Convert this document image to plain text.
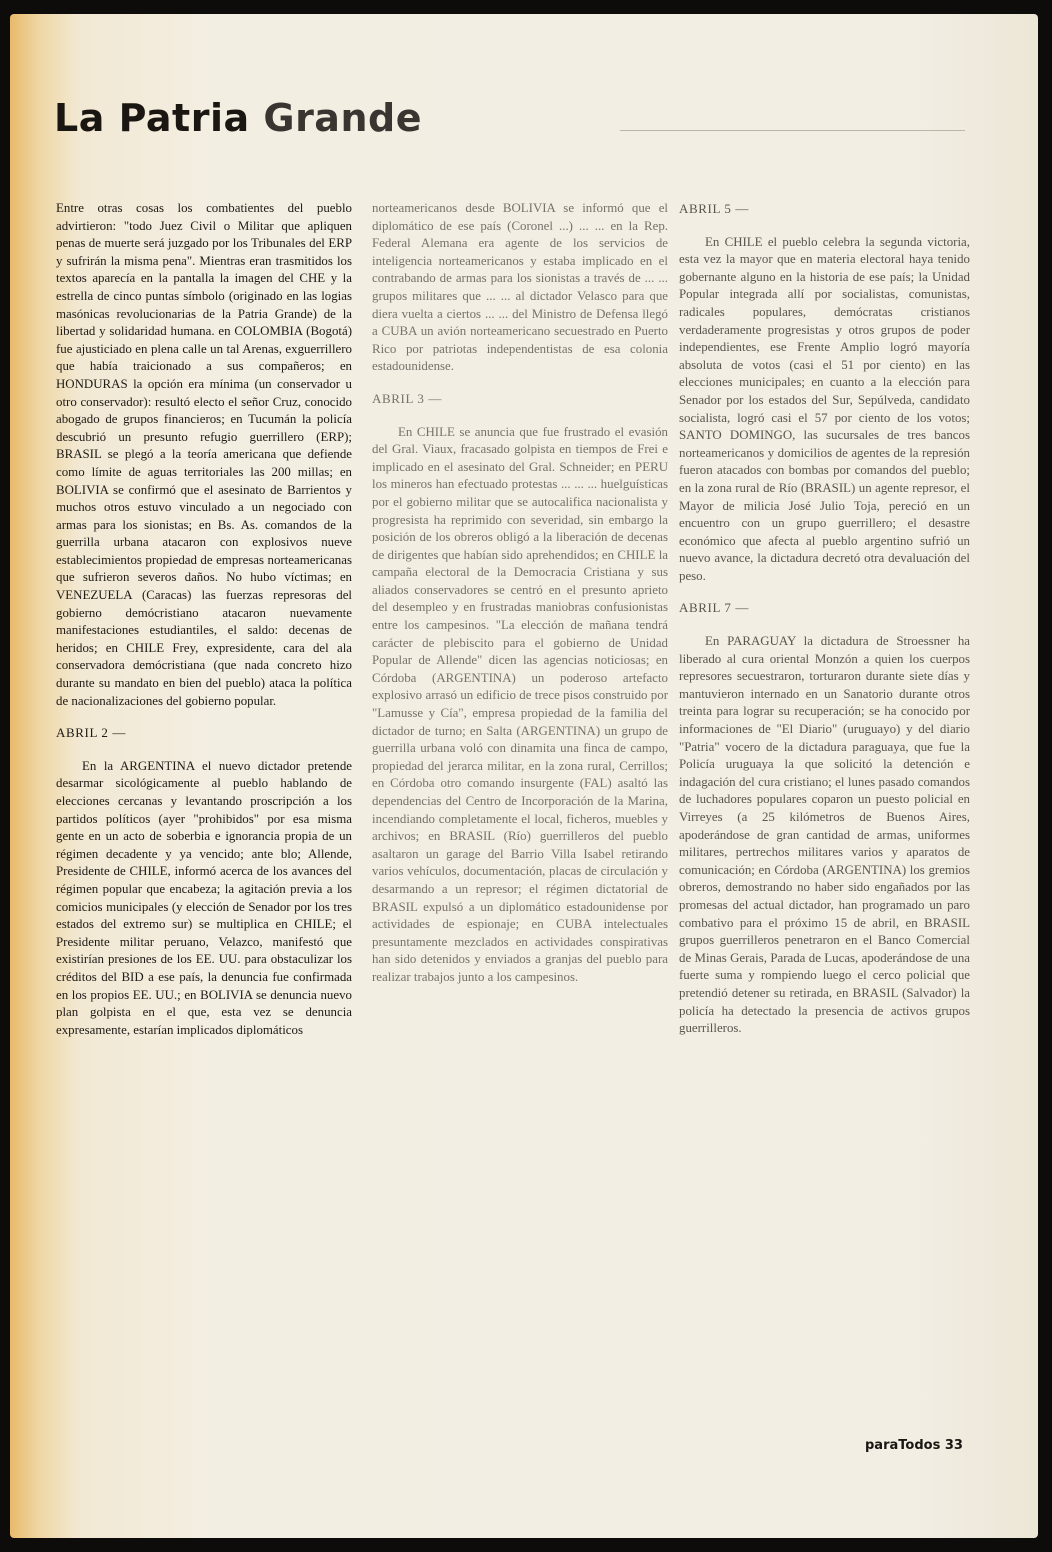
La Patria Grande

Entre otras cosas los combatientes del pueblo advirtieron: "todo Juez Civil o Militar que apliquen penas de muerte será juzgado por los Tribunales del ERP y sufrirán la misma pena". Mientras eran trasmitidos los textos aparecía en la pantalla la imagen del CHE y la estrella de cinco puntas símbolo (originado en las logias masónicas revolucionarias de la Patria Grande) de la libertad y solidaridad humana. en COLOMBIA (Bogotá) fue ajusticiado en plena calle un tal Arenas, exguerrillero que había traicionado a sus compañeros; en HONDURAS la opción era mínima (un conservador u otro conservador): resultó electo el señor Cruz, conocido abogado de grupos financieros; en Tucumán la policía descubrió un presunto refugio guerrillero (ERP); BRASIL se plegó a la teoría americana que defiende como límite de aguas territoriales las 200 millas; en BOLIVIA se confirmó que el asesinato de Barrientos y muchos otros estuvo vinculado a un negociado con armas para los sionistas; en Bs. As. comandos de la guerrilla urbana atacaron con explosivos nueve establecimientos propiedad de empresas norteamericanas que sufrieron severos daños. No hubo víctimas; en VENEZUELA (Caracas) las fuerzas represoras del gobierno demócristiano atacaron nuevamente manifestaciones estudiantiles, el saldo: decenas de heridos; en CHILE Frey, expresidente, cara del ala conservadora demócristiana (que nada concreto hizo durante su mandato en bien del pueblo) ataca la política de nacionalizaciones del gobierno popular.

ABRIL 2 —

En la ARGENTINA el nuevo dictador pretende desarmar sicológicamente al pueblo hablando de elecciones cercanas y levantando proscripción a los partidos políticos (ayer "prohibidos" por esa misma gente en un acto de soberbia e ignorancia propia de un régimen decadente y ya vencido; ante blo; Allende, Presidente de CHILE, informó acerca de los avances del régimen popular que encabeza; la agitación previa a los comicios municipales (y elección de Senador por los tres estados del extremo sur) se multiplica en CHILE; el Presidente militar peruano, Velazco, manifestó que existirían presiones de los EE. UU. para obstaculizar los créditos del BID a ese país, la denuncia fue confirmada en los propios EE. UU.; en BOLIVIA se denuncia nuevo plan golpista en el que, esta vez se denuncia expresamente, estarían implicados diplomáticos

norteamericanos desde BOLIVIA se informó que el diplomático de ese país (Coronel ...) ... ... en la Rep. Federal Alemana era agente de los servicios de inteligencia norteamericanos y estaba implicado en el contrabando de armas para los sionistas a través de ... ... grupos militares que ... ... al dictador Velasco para que diera vuelta a ciertos ... ... del Ministro de Defensa llegó a CUBA un avión norteamericano secuestrado en Puerto Rico por patriotas independentistas de esa colonia estadounidense.

ABRIL 3 —

En CHILE se anuncia que fue frustrado el evasión del Gral. Viaux, fracasado golpista en tiempos de Frei e implicado en el asesinato del Gral. Schneider; en PERU los mineros han efectuado protestas ... ... ... huelguísticas por el gobierno militar que se autocalifica nacionalista y progresista ha reprimido con severidad, sin embargo la posición de los obreros obligó a la liberación de decenas de dirigentes que habían sido aprehendidos; en CHILE la campaña electoral de la Democracia Cristiana y sus aliados conservadores se centró en el presunto aprieto del desempleo y en frustradas maniobras confusionistas entre los campesinos. "La elección de mañana tendrá carácter de plebiscito para el gobierno de Unidad Popular de Allende" dicen las agencias noticiosas; en Córdoba (ARGENTINA) un poderoso artefacto explosivo arrasó un edificio de trece pisos construido por "Lamusse y Cía", empresa propiedad de la familia del dictador de turno; en Salta (ARGENTINA) un grupo de guerrilla urbana voló con dinamita una finca de campo, propiedad del jerarca militar, en la zona rural, Cerrillos; en Córdoba otro comando insurgente (FAL) asaltó las dependencias del Centro de Incorporación de la Marina, incendiando completamente el local, ficheros, muebles y archivos; en BRASIL (Río) guerrilleros del pueblo asaltaron un garage del Barrio Villa Isabel retirando varios vehículos, documentación, placas de circulación y desarmando a un represor; el régimen dictatorial de BRASIL expulsó a un diplomático estadounidense por actividades de espionaje; en CUBA intelectuales presuntamente mezclados en actividades conspirativas han sido detenidos y enviados a granjas del pueblo para realizar trabajos junto a los campesinos.

ABRIL 5 —

En CHILE el pueblo celebra la segunda victoria, esta vez la mayor que en materia electoral haya tenido gobernante alguno en la historia de ese país; la Unidad Popular integrada allí por socialistas, comunistas, radicales populares, demócratas cristianos verdaderamente progresistas y otros grupos de poder independientes, ese Frente Amplio logró mayoría absoluta de votos (casi el 51 por ciento) en las elecciones municipales; en cuanto a la elección para Senador por los estados del Sur, Sepúlveda, candidato socialista, logró casi el 57 por ciento de los votos; SANTO DOMINGO, las sucursales de tres bancos norteamericanos y domicilios de agentes de la represión fueron atacados con bombas por comandos del pueblo; en la zona rural de Río (BRASIL) un agente represor, el Mayor de milicia José Julio Toja, pereció en un encuentro con un grupo guerrillero; el desastre económico que afecta al pueblo argentino sufrió un nuevo avance, la dictadura decretó otra devaluación del peso.

ABRIL 7 —

En PARAGUAY la dictadura de Stroessner ha liberado al cura oriental Monzón a quien los cuerpos represores secuestraron, torturaron durante siete días y mantuvieron internado en un Sanatorio durante otros treinta para lograr su recuperación; se ha conocido por informaciones de "El Diario" (uruguayo) y del diario "Patria" vocero de la dictadura paraguaya, que fue la Policía uruguaya la que solicitó la detención e indagación del cura cristiano; el lunes pasado comandos de luchadores populares coparon un puesto policial en Virreyes (a 25 kilómetros de Buenos Aires, apoderándose de gran cantidad de armas, uniformes militares, pertrechos militares varios y aparatos de comunicación; en Córdoba (ARGENTINA) los gremios obreros, demostrando no haber sido engañados por las promesas del actual dictador, han programado un paro combativo para el próximo 15 de abril, en BRASIL grupos guerrilleros penetraron en el Banco Comercial de Minas Gerais, Parada de Lucas, apoderándose de una fuerte suma y rompiendo luego el cerco policial que pretendió detener su retirada, en BRASIL (Salvador) la policía ha detectado la presencia de activos grupos guerrilleros.

paraTodos 33
